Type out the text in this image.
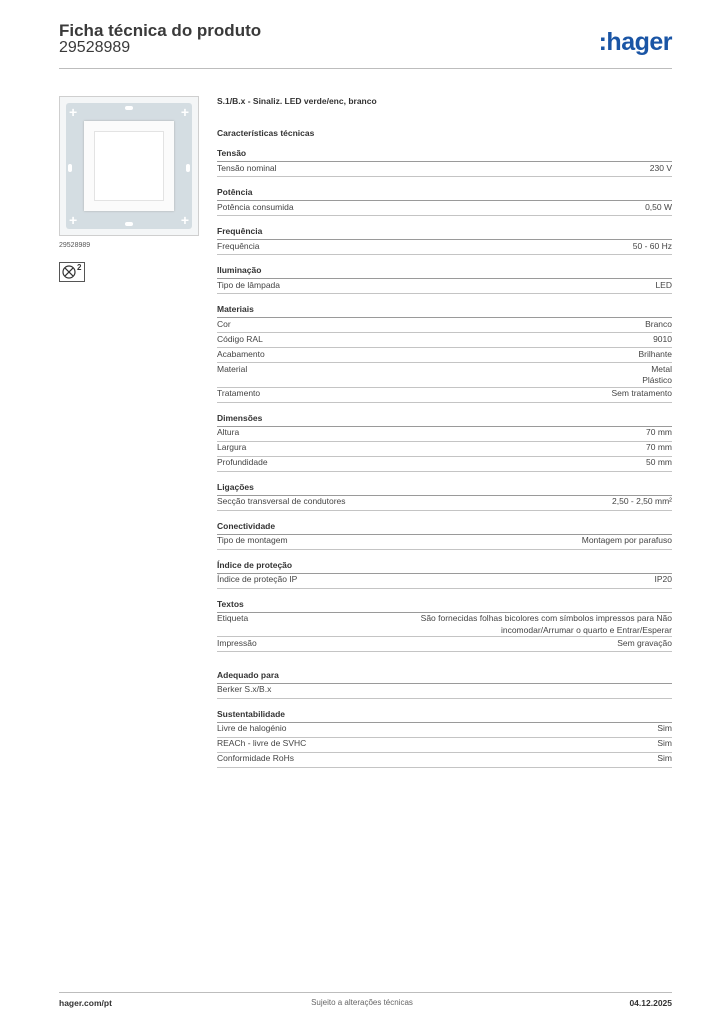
Ficha técnica do produto
29528989	:hager
+	+
+	+
29528989
2
S.1/B.x - Sinaliz. LED verde/enc, branco
Características técnicas
Tensão
Tensão nominal	230 V
Potência
Potência consumida	0,50 W
Frequência
Frequência	50 - 60 Hz
Iluminação
Tipo de lâmpada	LED
Materiais
Cor	Branco
Código RAL	9010
Acabamento	Brilhante
Material	Metal
Plástico
Tratamento	Sem tratamento
Dimensões
Altura	70 mm
Largura	70 mm
Profundidade	50 mm
Ligações
Secção transversal de condutores	2,50 - 2,50 mm²
Conectividade
Tipo de montagem	Montagem por parafuso
Índice de proteção
Índice de proteção IP	IP20
Textos
Etiqueta	São fornecidas folhas bicolores com símbolos impressos para Não
incomodar/Arrumar o quarto e Entrar/Esperar
Impressão	Sem gravação
Adequado para
Berker S.x/B.x
Sustentabilidade
Livre de halogénio	Sim
REACh - livre de SVHC	Sim
Conformidade RoHs	Sim
hager.com/pt	Sujeito a alterações técnicas	04.12.2025
